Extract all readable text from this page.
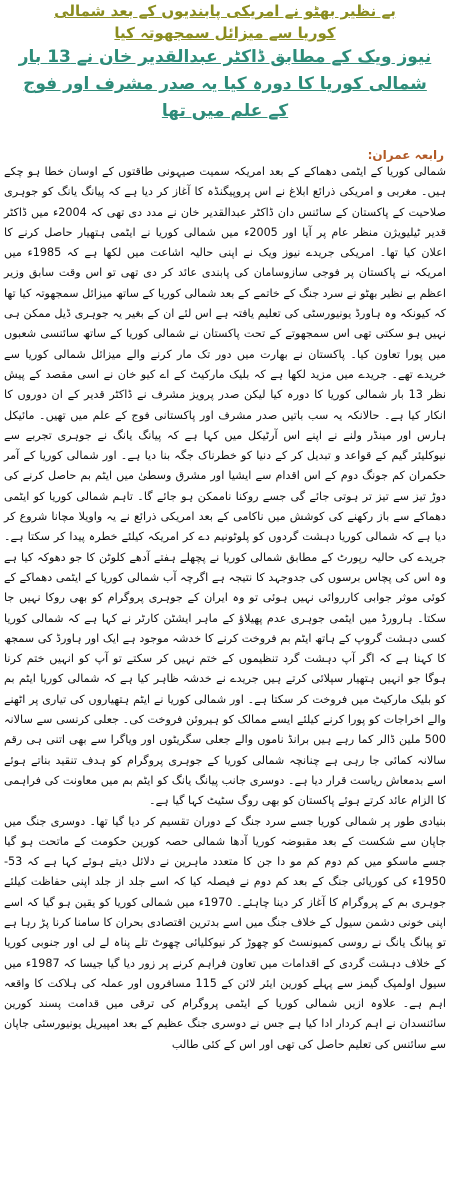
بے نظیر بھٹو نے امریکی پابندیوں کے بعد شمالی

کوریا سے میزائل سمجھوتہ کیا

نیوز ویک کے مطابق ڈاکٹر عبدالقدیر خان نے 13 بار

شمالی کوریا کا دورہ کیا یہ صدر مشرف اور فوج

کے علم میں تھا

رابعہ عمران:

شمالی کوریا کے ایٹمی دھماکے کے بعد امریکہ سمیت صیہونی طاقتوں کے اوسان خطا ہو چکے ہیں۔ مغربی و امریکی ذرائع ابلاغ نے اس پروپیگنڈہ کا آغاز کر دیا ہے کہ پیانگ یانگ کو جوہری صلاحیت کے پاکستان کے سائنس دان ڈاکٹر عبدالقدیر خان نے مدد دی تھی کہ 2004ء میں ڈاکٹر قدیر ٹیلیویژن منظر عام پر آیا اور 2005ء میں شمالی کوریا نے ایٹمی ہتھیار حاصل کرنے کا اعلان کیا تھا۔ امریکی جریدے نیوز ویک نے اپنی حالیہ اشاعت میں لکھا ہے کہ 1985ء میں امریکہ نے پاکستان پر فوجی سازوسامان کی پابندی عائد کر دی تھی تو اس وقت سابق وزیر اعظم بے نظیر بھٹو نے سرد جنگ کے خاتمے کے بعد شمالی کوریا کے ساتھ میزائل سمجھوتہ کیا تھا کہ کیونکہ وہ ہاورڈ یونیورسٹی کی تعلیم یافتہ ہے اس لئے ان کے بغیر یہ جوہری ڈیل ممکن ہی نہیں ہو سکتی تھی اس سمجھوتے کے تحت پاکستان نے شمالی کوریا کے ساتھ سائنسی شعبوں میں پورا تعاون کیا۔ پاکستان نے بھارت میں دور تک مار کرنے والے میزائل شمالی کوریا سے خریدے تھے۔ جریدے میں مزید لکھا ہے کہ بلیک مارکیٹ کے اے کیو خان نے اسی مقصد کے پیش نظر 13 بار شمالی کوریا کا دورہ کیا لیکن صدر پرویز مشرف نے ڈاکٹر قدیر کے ان دوروں کا انکار کیا ہے۔ حالانکہ یہ سب باتیں صدر مشرف اور پاکستانی فوج کے علم میں تھیں۔ مائیکل ہارس اور مینڈر ولنے نے اپنے اس آرٹیکل میں کہا ہے کہ پیانگ یانگ نے جوہری تجربے سے نیوکلیئر گیم کے قواعد و تبدیل کر کے دنیا کو خطرناک جگہ بنا دیا ہے۔ اور شمالی کوریا کے آمر حکمران کم جونگ دوم کے اس اقدام سے ایشیا اور مشرق وسطیٰ میں ایٹم بم حاصل کرنے کی دوڑ تیز سے تیز تر ہوتی جائے گی جسے روکنا ناممکن ہو جائے گا۔ تاہم شمالی کوریا کو ایٹمی دھماکے سے باز رکھنے کی کوشش میں ناکامی کے بعد امریکی ذرائع نے یہ واویلا مچانا شروع کر دیا ہے کہ شمالی کوریا دہشت گردوں کو پلوٹونیم دے کر امریکہ کیلئے خطرہ پیدا کر سکتا ہے۔ جریدے کی حالیہ رپورٹ کے مطابق شمالی کوریا نے پچھلے ہفتے آدھے کلوٹن کا جو دھوکہ کیا ہے وہ اس کی پچاس برسوں کی جدوجہد کا نتیجہ ہے اگرچہ آب شمالی کوریا کے ایٹمی دھماکے کے کوئی موثر جوابی کارروائی نہیں ہوئی تو وہ ایران کے جوہری پروگرام کو بھی روکا نہیں جا سکتا۔ ہارورڈ میں ایٹمی جوہری عدم پھیلاؤ کے ماہر ایشٹن کارٹر نے کہا ہے کہ شمالی کوریا کسی دہشت گروپ کے ہاتھ ایٹم بم فروخت کرنے کا خدشہ موجود ہے ایک اور ہاورڈ کی سمجھ کا کہنا ہے کہ اگر آپ دہشت گرد تنظیموں کے ختم نہیں کر سکتے تو آپ کو انہیں ختم کرنا ہوگا جو انہیں ہتھیار سپلائی کرتے ہیں جریدے نے خدشہ ظاہر کیا ہے کہ شمالی کوریا ایٹم بم کو بلیک مارکیٹ میں فروخت کر سکتا ہے۔ اور شمالی کوریا نے ایٹم ہتھیاروں کی تیاری پر اٹھنے والے اخراجات کو پورا کرنے کیلئے ایسے ممالک کو ہیروئن فروخت کی۔ جعلی کرنسی سے سالانہ 500 ملین ڈالر کما رہے ہیں برانڈ ناموں والے جعلی سگریٹوں اور ویاگرا سے بھی اتنی ہی رقم سالانہ کمائی جا رہی ہے چنانچہ شمالی کوریا کے جوہری پروگرام کو ہدف تنقید بناتے ہوئے اسے بدمعاش ریاست قرار دیا ہے۔ دوسری جانب پیانگ یانگ کو ایٹم بم میں معاونت کی فراہمی کا الزام عائد کرتے ہوئے پاکستان کو بھی روگ سٹیٹ کہا گیا ہے۔

بنیادی طور پر شمالی کوریا جسے سرد جنگ کے دوران تقسیم کر دیا گیا تھا۔ دوسری جنگ میں جاپان سے شکست کے بعد مقبوضہ کوریا آدھا شمالی حصہ کورین حکومت کے ماتحت ہو گیا جسے ماسکو میں کم دوم کم مو دا جن کا متعدد ماہرین نے دلائل دیتے ہوئے کہا ہے کہ 53-1950ء کی کوریائی جنگ کے بعد کم دوم نے فیصلہ کیا کہ اسے جلد از جلد اپنی حفاظت کیلئے جوہری بم کے پروگرام کا آغاز کر دینا چاہئے۔ 1970ء میں شمالی کوریا کو یقین ہو گیا کہ اسے اپنی خونی دشمن سیول کے خلاف جنگ میں اسے بدترین اقتصادی بحران کا سامنا کرنا پڑ رہا ہے تو پیانگ یانگ نے روسی کمیونسٹ کو چھوڑ کر نیوکلیائی چھوٹ تلے پناہ لے لی اور جنوبی کوریا کے خلاف دہشت گردی کے اقدامات میں تعاون فراہم کرنے پر زور دیا گیا جیسا کہ 1987ء میں سیول اولمپک گیمز سے پہلے کورین ایئر لائن کے 115 مسافروں اور عملہ کی ہلاکت کا واقعہ اہم ہے۔ علاوہ ازیں شمالی کوریا کے ایٹمی پروگرام کی ترقی میں قدامت پسند کورین سائنسدان نے اہم کردار ادا کیا ہے جس نے دوسری جنگ عظیم کے بعد امپیریل یونیورسٹی جاپان سے سائنس کی تعلیم حاصل کی تھی اور اس کے کئی طالب
